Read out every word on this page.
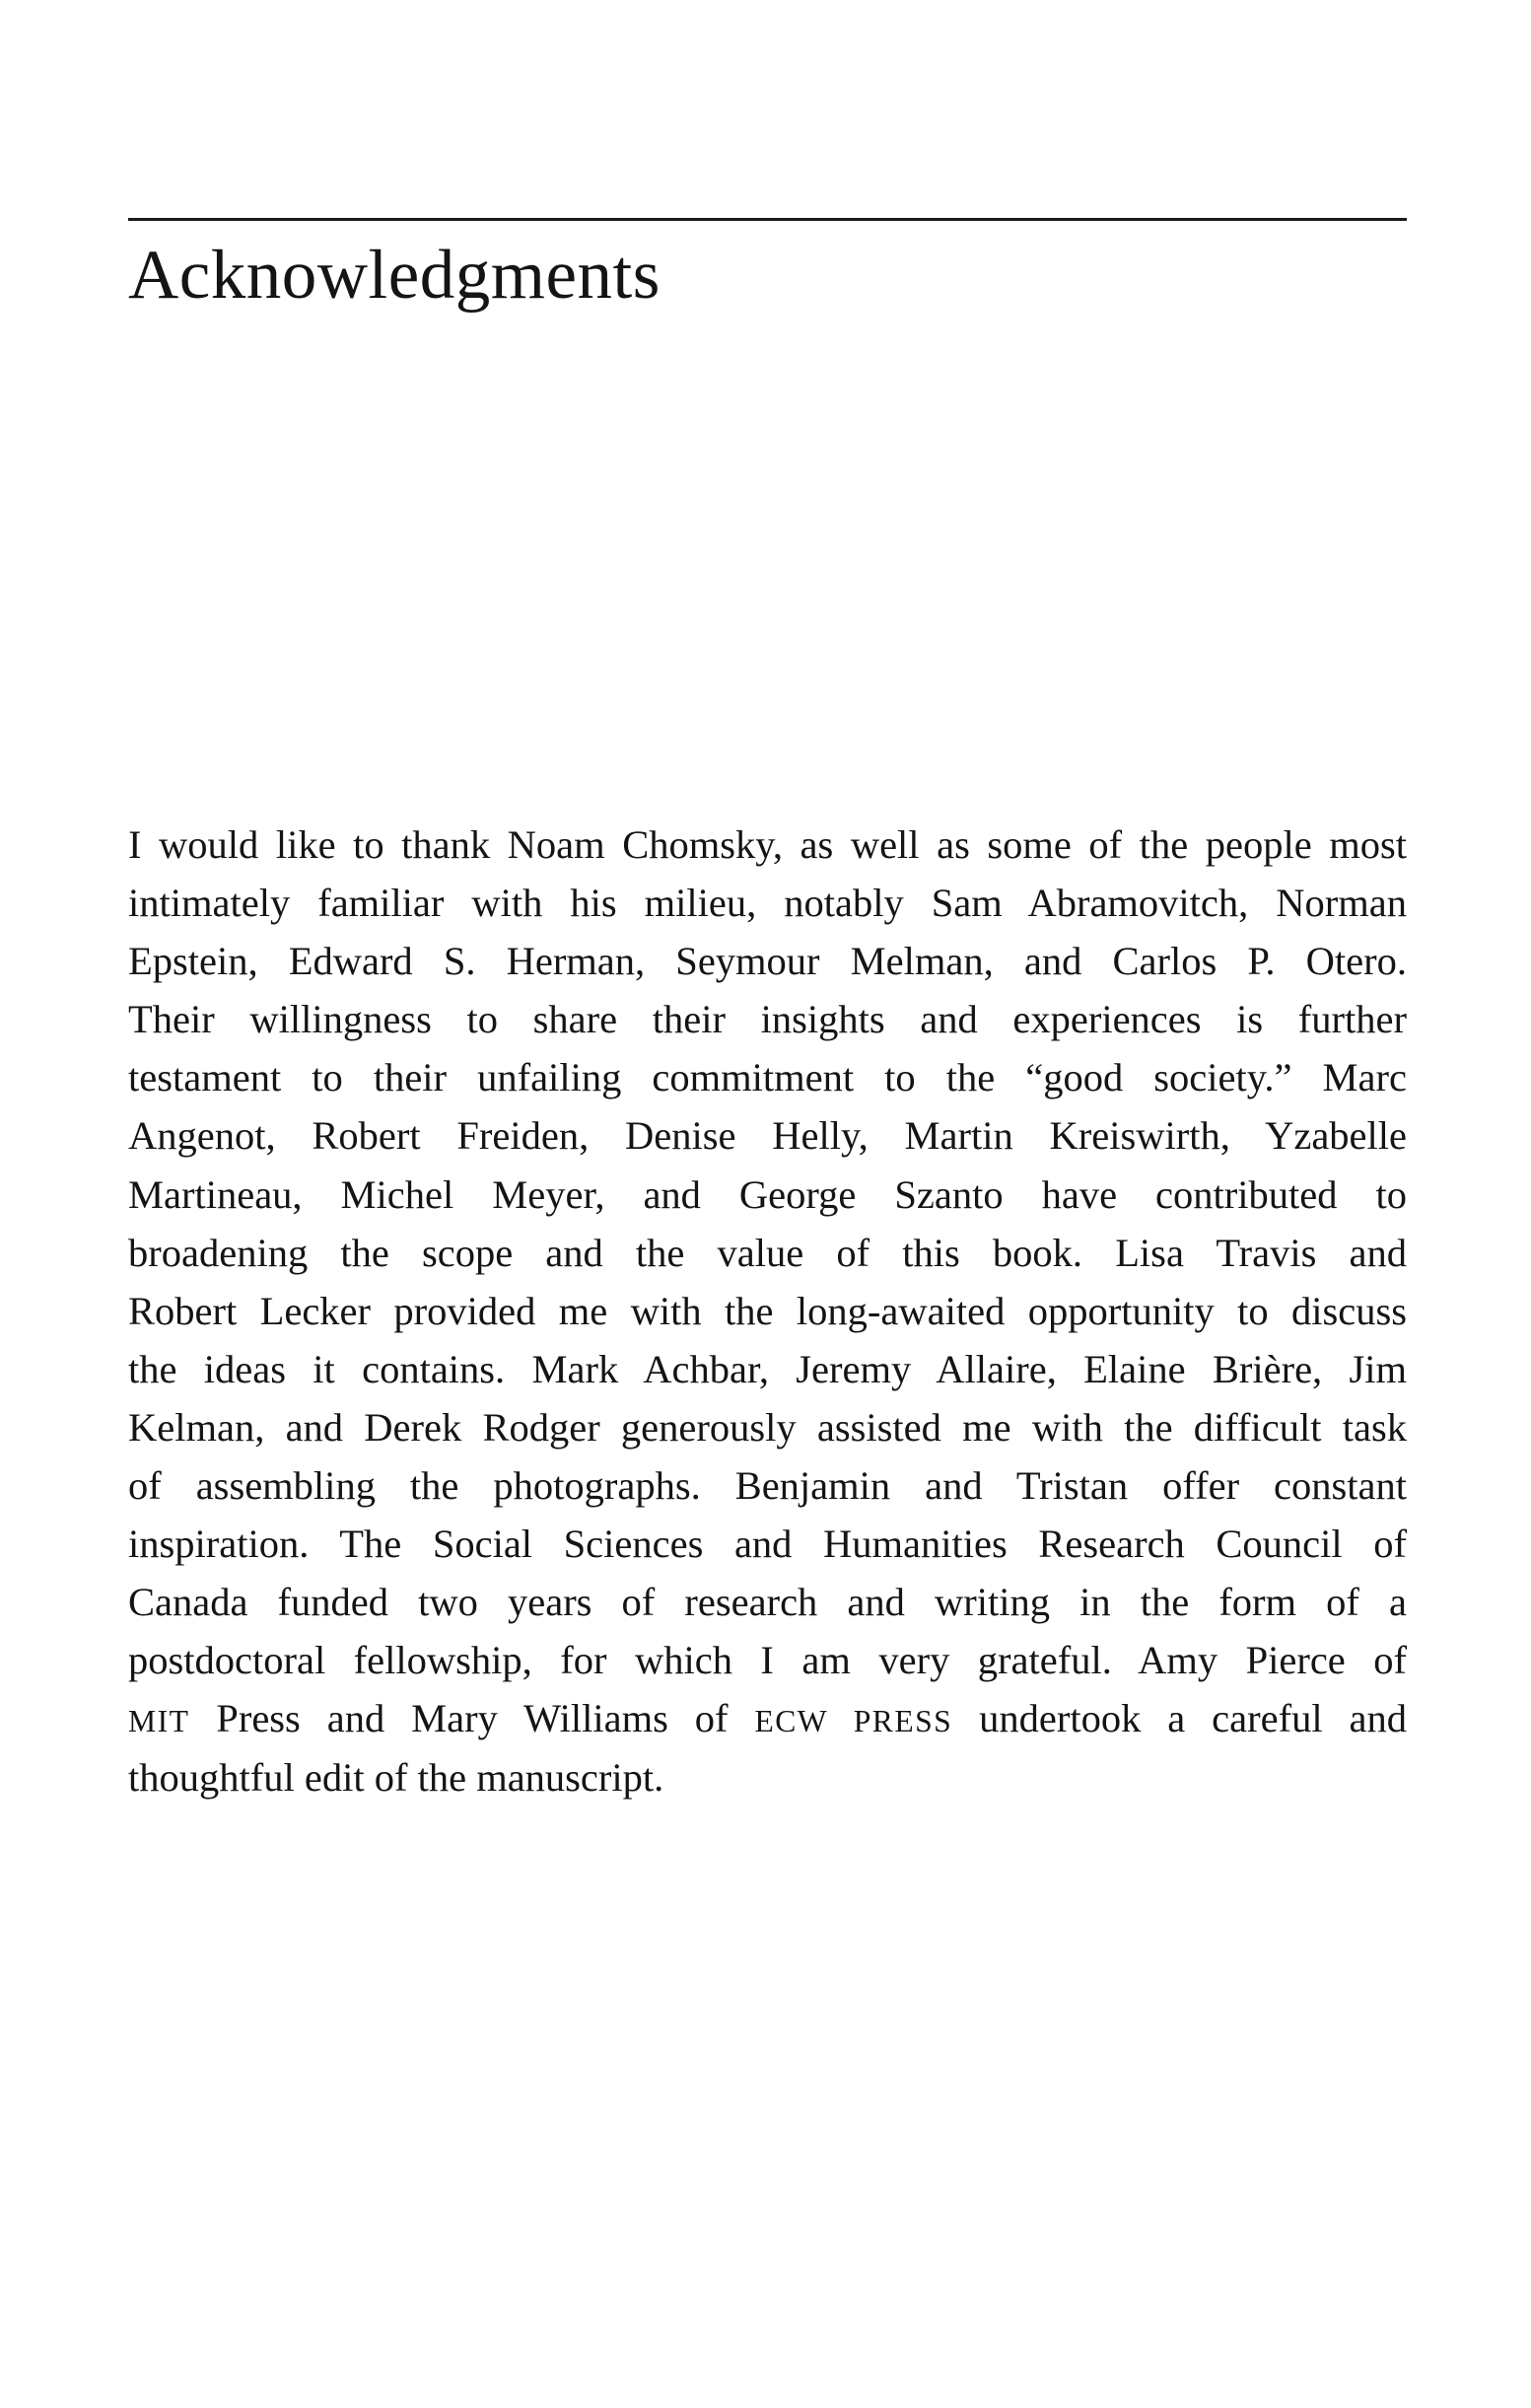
Acknowledgments
I would like to thank Noam Chomsky, as well as some of the people most
intimately familiar with his milieu, notably Sam Abramovitch, Norman
Epstein, Edward S. Herman, Seymour Melman, and Carlos P. Otero.
Their willingness to share their insights and experiences is further
testament to their unfailing commitment to the “good society.” Marc
Angenot, Robert Freiden, Denise Helly, Martin Kreiswirth, Yzabelle
Martineau, Michel Meyer, and George Szanto have contributed to
broadening the scope and the value of this book. Lisa Travis and
Robert Lecker provided me with the long-awaited opportunity to discuss
the ideas it contains. Mark Achbar, Jeremy Allaire, Elaine Brière, Jim
Kelman, and Derek Rodger generously assisted me with the difficult task
of assembling the photographs. Benjamin and Tristan offer constant
inspiration. The Social Sciences and Humanities Research Council of
Canada funded two years of research and writing in the form of a
postdoctoral fellowship, for which I am very grateful. Amy Pierce of
MIT Press and Mary Williams of ECW PRESS undertook a careful and
thoughtful edit of the manuscript.
